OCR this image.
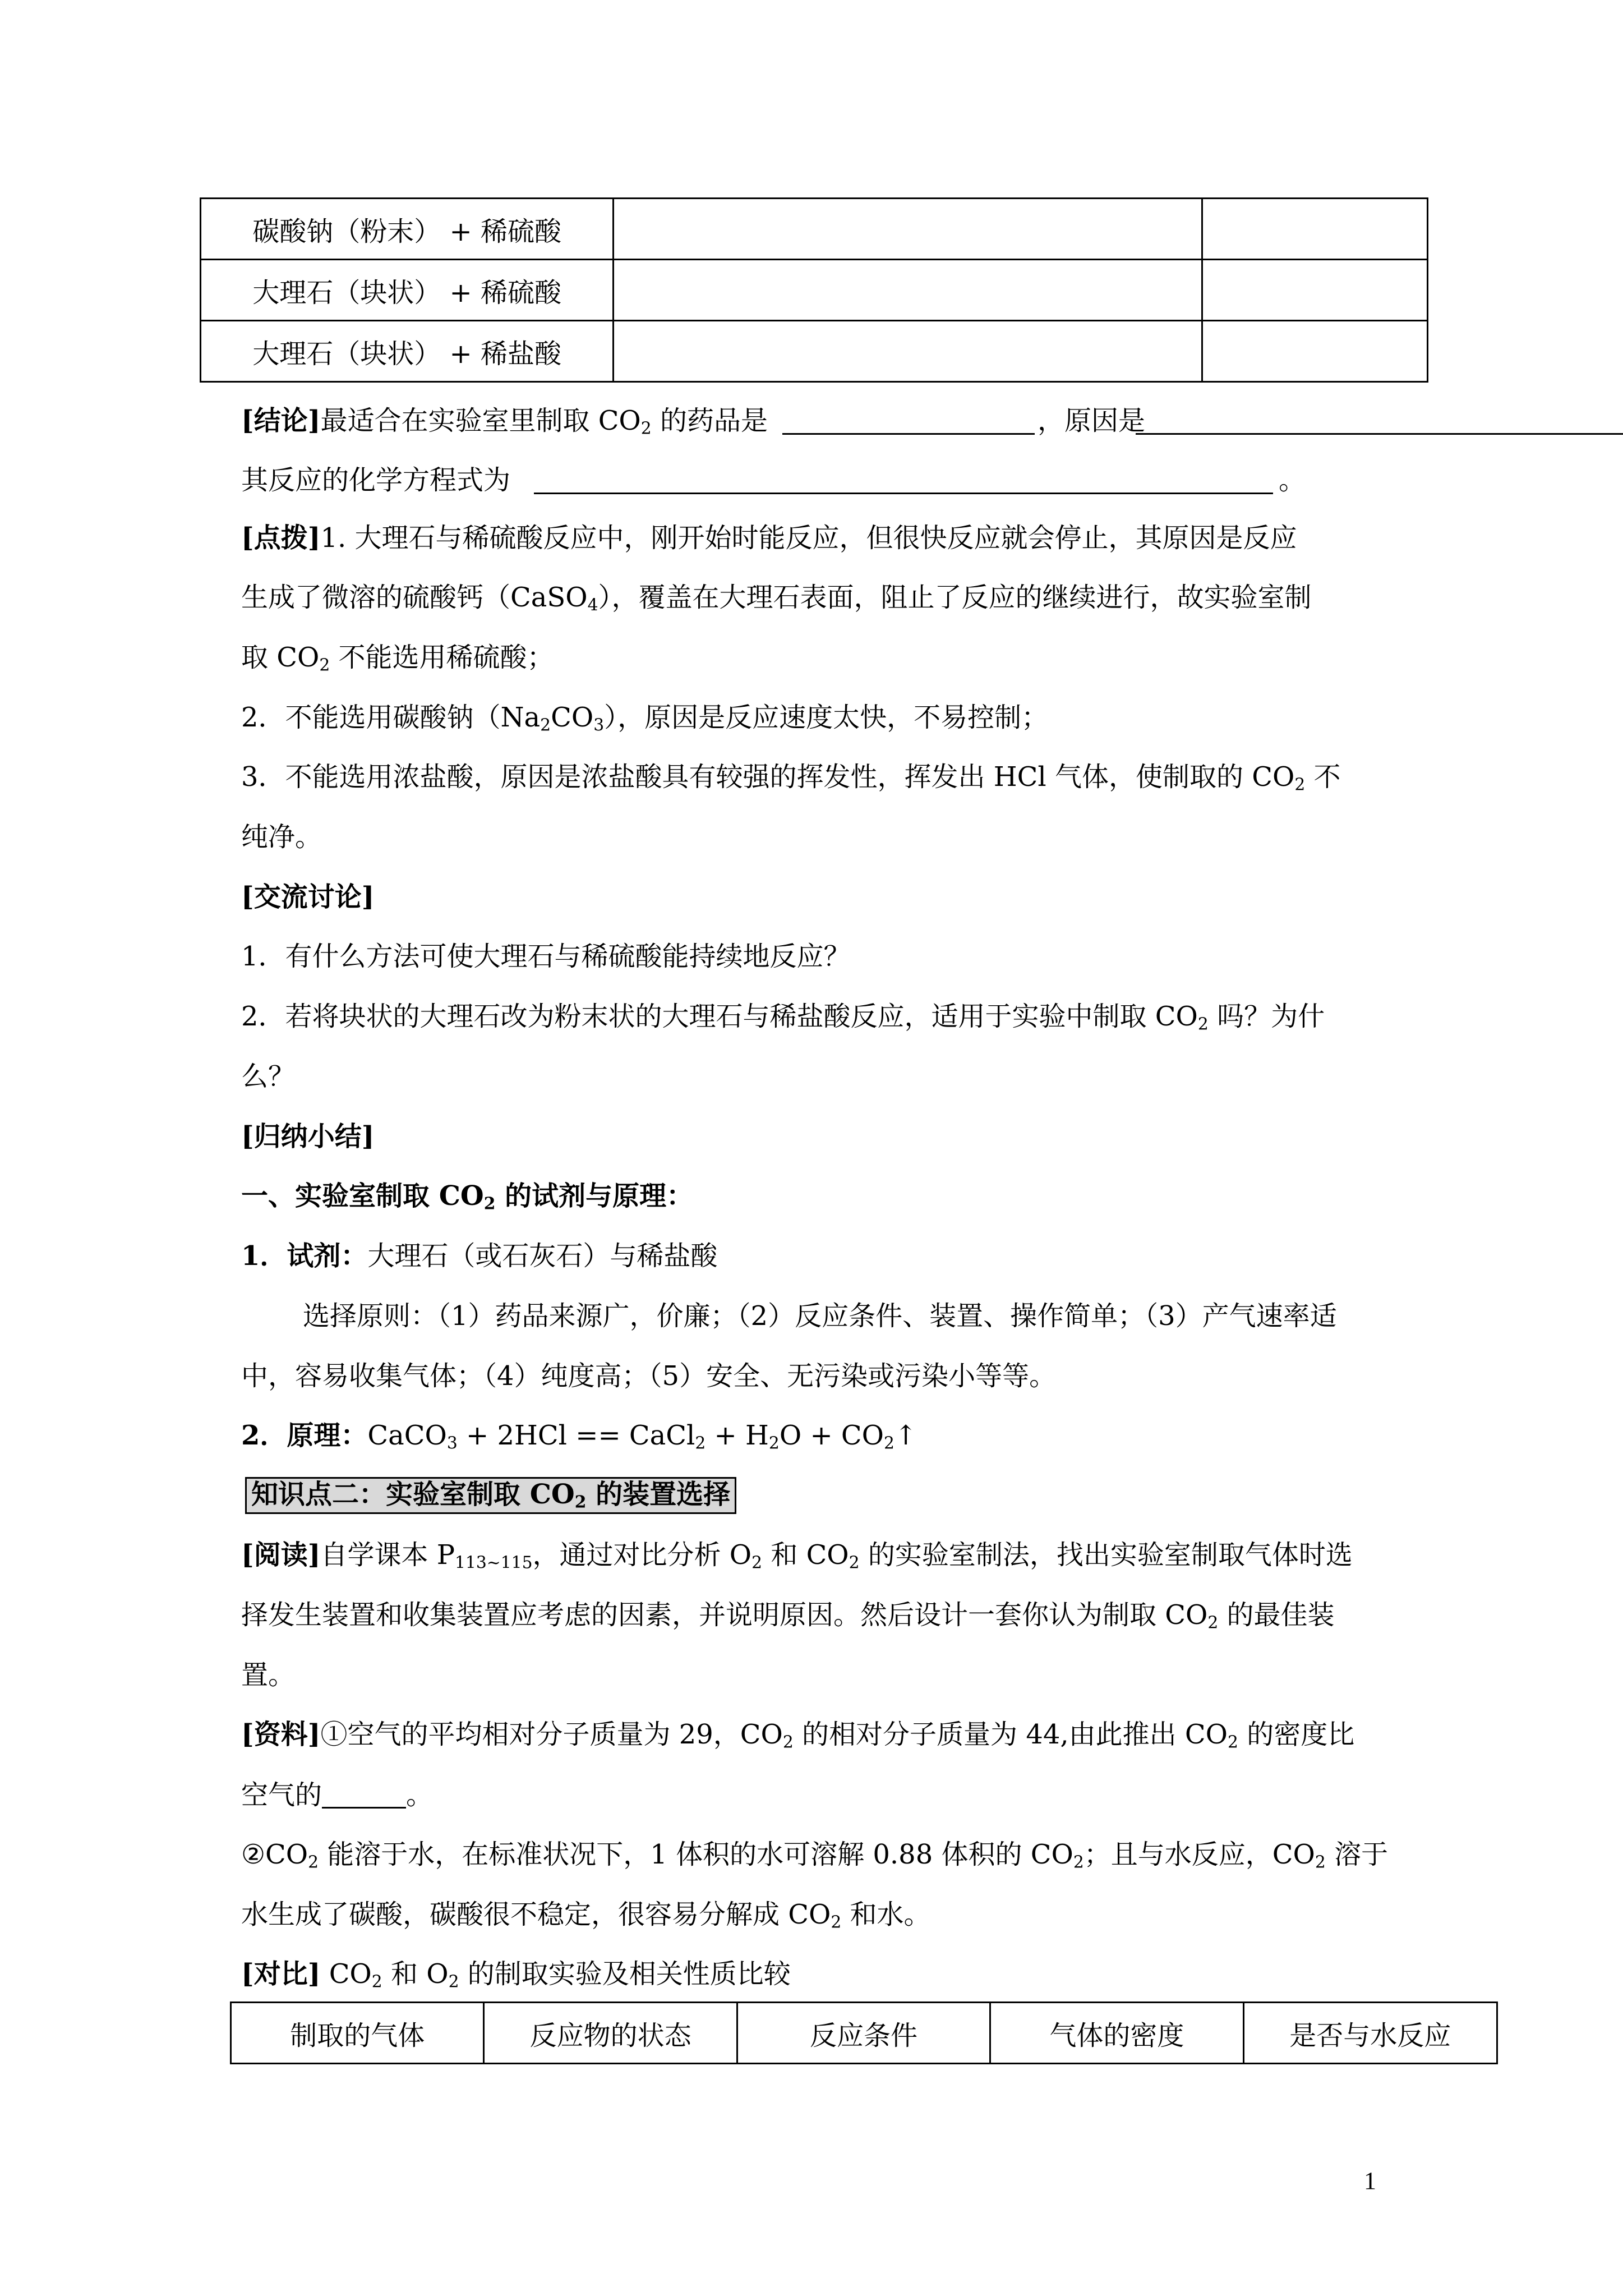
碳酸钠（粉末） + 稀硫酸		
大理石（块状） + 稀硫酸		
大理石（块状） + 稀盐酸		
[结论]最适合在实验室里制取 $CO_2$ 的药品是	，原因是
其反应的化学方程式为	。
[点拨]1. 大理石与稀硫酸反应中，刚开始时能反应，但很快反应就会停止，其原因是反应
生成了微溶的硫酸钙（CaSO$_4$），覆盖在大理石表面，阻止了反应的继续进行，故实验室制
取 $CO_2$ 不能选用稀硫酸；
2．不能选用碳酸钠$(Na_2CO_3)$，原因是反应速度太快，不易控制；
3．不能选用浓盐酸，原因是浓盐酸具有较强的挥发性，挥发出 HCl 气体，使制取的 $CO_2$ 不
纯净。
[交流讨论]
1．有什么方法可使大理石与稀硫酸能持续地反应？
2．若将块状的大理石改为粉末状的大理石与稀盐酸反应，适用于实验中制取 $CO_2$ 吗？为什
么？
[归纳小结]
一、实验室制取 $CO_2$ 的试剂与原理：
1．试剂：大理石（或石灰石）与稀盐酸
选择原则：（1）药品来源广，价廉；（2）反应条件、装置、操作简单；（3）产气速率适
中，容易收集气体；（4）纯度高；（5）安全、无污染或污染小等等。
2．原理：CaCO$_3$ + 2HCl == CaCl$_2$ + $H_2O$ + $CO_2↑$
知识点二：实验室制取 $CO_2$ 的装置选择
[阅读]自学课本 $P_{113\sim 115}$，通过对比分析 $O_2$ 和 $CO_2$ 的实验室制法，找出实验室制取气体时选
择发生装置和收集装置应考虑的因素，并说明原因。然后设计一套你认为制取 $CO_2$ 的最佳装
置。
[资料]①空气的平均相对分子质量为 29，$CO_2$ 的相对分子质量为 44,由此推出 $CO_2$ 的密度比
空气的	。
$②CO_2$ 能溶于水，在标准状况下，1 体积的水可溶解 0.88 体积的 $CO_2$；且与水反应，$CO_2$ 溶于
水生成了碳酸，碳酸很不稳定，很容易分解成 $CO_2$ 和水。
[对比] $CO_2$ 和 $O_2$ 的制取实验及相关性质比较
制取的气体	反应物的状态	反应条件	气体的密度	是否与水反应
1
